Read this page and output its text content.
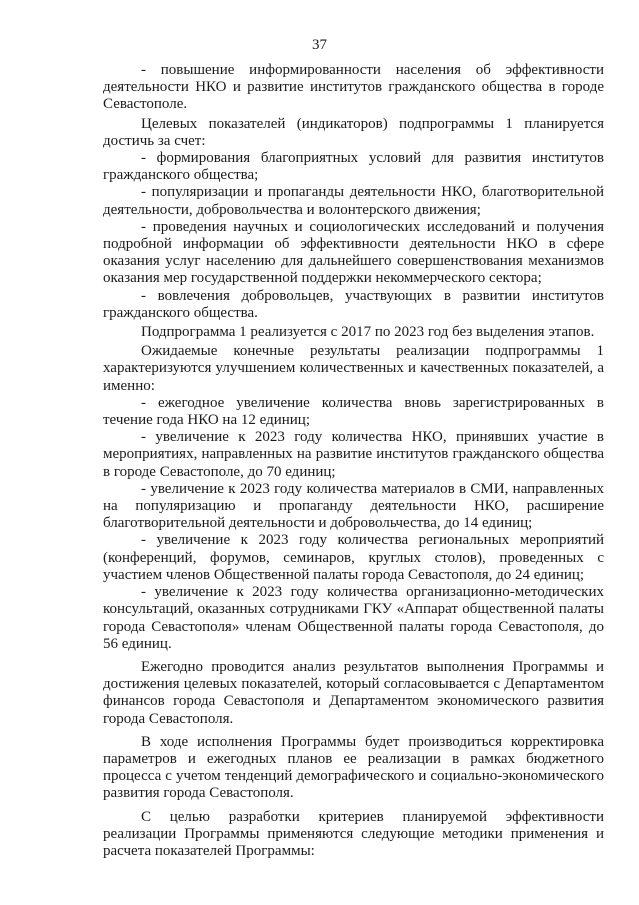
37

- повышение информированности населения об эффективности деятельности НКО и развитие институтов гражданского общества в городе Севастополе.

Целевых показателей (индикаторов) подпрограммы 1 планируется достичь за счет:

- формирования благоприятных условий для развития институтов гражданского общества;

- популяризации и пропаганды деятельности НКО, благотворительной деятельности, добровольчества и волонтерского движения;

- проведения научных и социологических исследований и получения подробной информации об эффективности деятельности НКО в сфере оказания услуг населению для дальнейшего совершенствования механизмов оказания мер государственной поддержки некоммерческого сектора;

- вовлечения добровольцев, участвующих в развитии институтов гражданского общества.

Подпрограмма 1 реализуется с 2017 по 2023 год без выделения этапов.

Ожидаемые конечные результаты реализации подпрограммы 1 характеризуются улучшением количественных и качественных показателей, а именно:

- ежегодное увеличение количества вновь зарегистрированных в течение года НКО на 12 единиц;

- увеличение к 2023 году количества НКО, принявших участие в мероприятиях, направленных на развитие институтов гражданского общества в городе Севастополе, до 70 единиц;

- увеличение к 2023 году количества материалов в СМИ, направленных на популяризацию и пропаганду деятельности НКО, расширение благотворительной деятельности и добровольчества, до 14 единиц;

- увеличение к 2023 году количества региональных мероприятий (конференций, форумов, семинаров, круглых столов), проведенных с участием членов Общественной палаты города Севастополя, до 24 единиц;

- увеличение к 2023 году количества организационно-методических консультаций, оказанных сотрудниками ГКУ «Аппарат общественной палаты города Севастополя» членам Общественной палаты города Севастополя, до 56 единиц.

Ежегодно проводится анализ результатов выполнения Программы и достижения целевых показателей, который согласовывается с Департаментом финансов города Севастополя и Департаментом экономического развития города Севастополя.

В ходе исполнения Программы будет производиться корректировка параметров и ежегодных планов ее реализации в рамках бюджетного процесса с учетом тенденций демографического и социально-экономического развития города Севастополя.

С целью разработки критериев планируемой эффективности реализации Программы применяются следующие методики применения и расчета показателей Программы:
